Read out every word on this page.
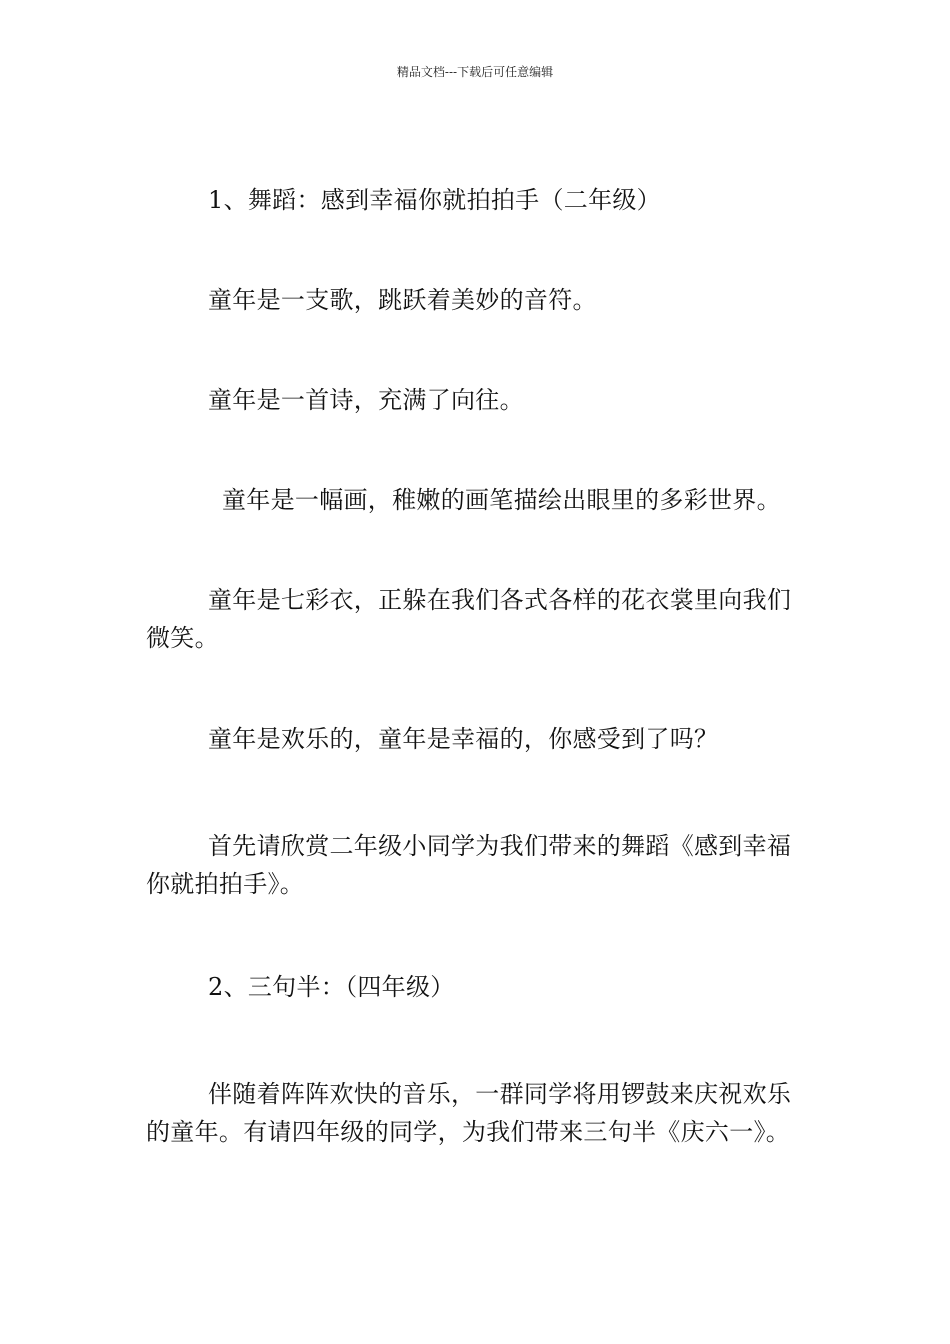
精品文档---下载后可任意编辑

1、舞蹈：感到幸福你就拍拍手（二年级）

童年是一支歌，跳跃着美妙的音符。

童年是一首诗，充满了向往。

童年是一幅画，稚嫩的画笔描绘出眼里的多彩世界。

童年是七彩衣，正躲在我们各式各样的花衣裳里向我们微笑。

童年是欢乐的，童年是幸福的，你感受到了吗？

首先请欣赏二年级小同学为我们带来的舞蹈《感到幸福你就拍拍手》。

2、三句半：（四年级）

伴随着阵阵欢快的音乐，一群同学将用锣鼓来庆祝欢乐的童年。有请四年级的同学，为我们带来三句半《庆六一》。
